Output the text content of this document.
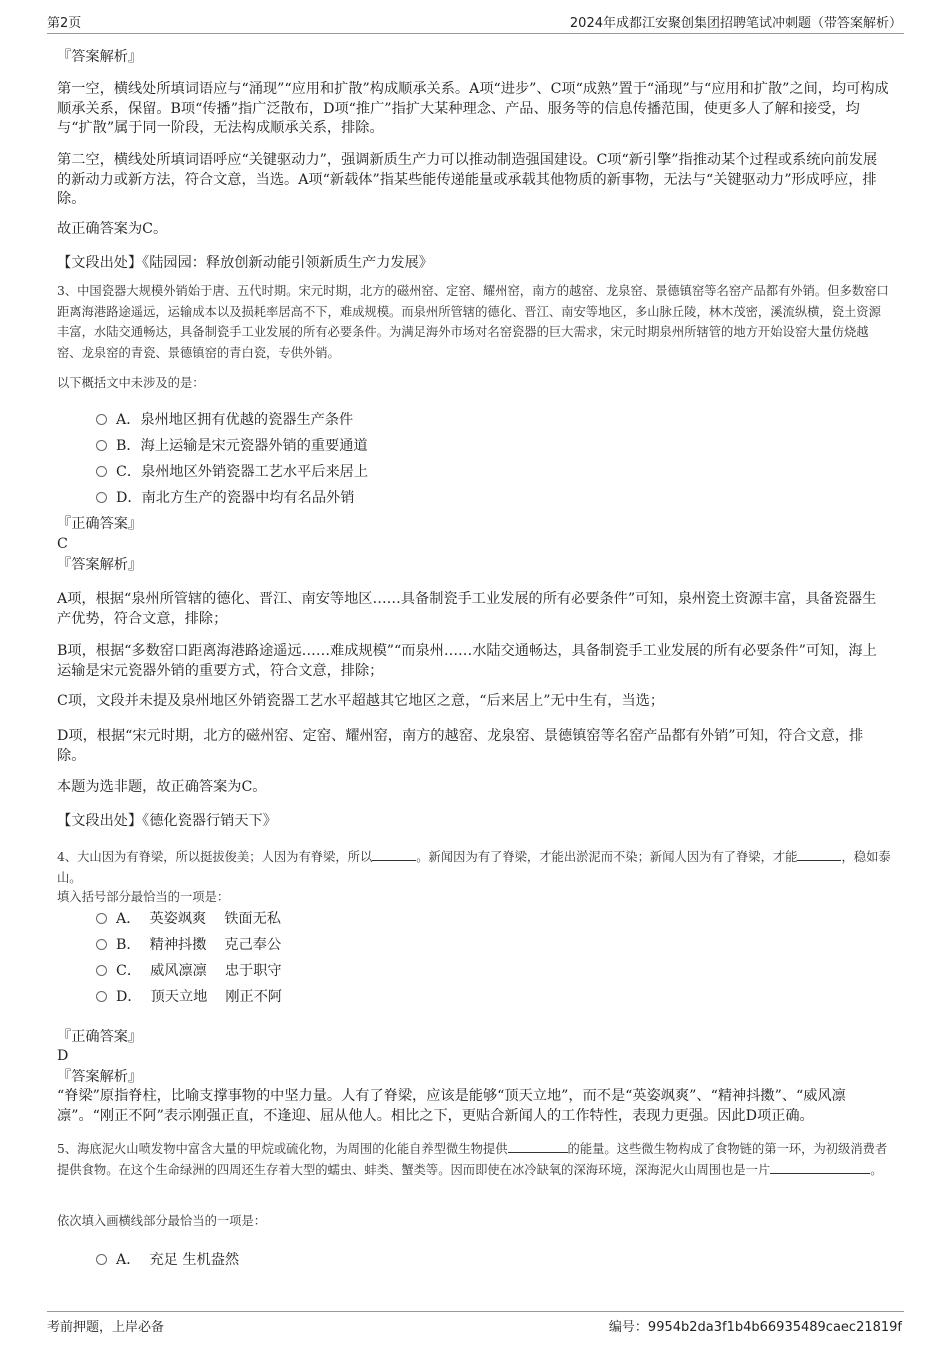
第2页	2024年成都江安聚创集团招聘笔试冲刺题（带答案解析）
『答案解析』
第一空，横线处所填词语应与“涌现”“应用和扩散”构成顺承关系。A项“进步”、C项“成熟”置于“涌现”与“应用和扩散”之间，均可构成顺承关系，保留。B项“传播”指广泛散布，D项“推广”指扩大某种理念、产品、服务等的信息传播范围，使更多人了解和接受，均与“扩散”属于同一阶段，无法构成顺承关系，排除。
第二空，横线处所填词语呼应“关键驱动力”，强调新质生产力可以推动制造强国建设。C项“新引擎”指推动某个过程或系统向前发展的新动力或新方法，符合文意，当选。A项“新载体”指某些能传递能量或承载其他物质的新事物，无法与“关键驱动力”形成呼应，排除。
故正确答案为C。
【文段出处】《陆园园：释放创新动能引领新质生产力发展》
3、中国瓷器大规模外销始于唐、五代时期。宋元时期，北方的磁州窑、定窑、耀州窑，南方的越窑、龙泉窑、景德镇窑等名窑产品都有外销。但多数窑口距离海港路途遥远，运输成本以及损耗率居高不下，难成规模。而泉州所管辖的德化、晋江、南安等地区，多山脉丘陵，林木茂密，溪流纵横，瓷土资源丰富，水陆交通畅达，具备制瓷手工业发展的所有必要条件。为满足海外市场对名窑瓷器的巨大需求，宋元时期泉州所辖管的地方开始设窑大量仿烧越窑、龙泉窑的青瓷、景德镇窑的青白瓷，专供外销。
以下概括文中未涉及的是：
A．泉州地区拥有优越的瓷器生产条件
B．海上运输是宋元瓷器外销的重要通道
C．泉州地区外销瓷器工艺水平后来居上
D．南北方生产的瓷器中均有名品外销
『正确答案』
C
『答案解析』
A项，根据“泉州所管辖的德化、晋江、南安等地区……具备制瓷手工业发展的所有必要条件”可知，泉州瓷土资源丰富，具备瓷器生产优势，符合文意，排除；
B项，根据“多数窑口距离海港路途遥远……难成规模”“而泉州……水陆交通畅达，具备制瓷手工业发展的所有必要条件”可知，海上运输是宋元瓷器外销的重要方式，符合文意，排除；
C项，文段并未提及泉州地区外销瓷器工艺水平超越其它地区之意，“后来居上”无中生有，当选；
D项，根据“宋元时期，北方的磁州窑、定窑、耀州窑，南方的越窑、龙泉窑、景德镇窑等名窑产品都有外销”可知，符合文意，排除。
本题为选非题，故正确答案为C。
【文段出处】《德化瓷器行销天下》
4、大山因为有脊梁，所以挺拔俊美；人因为有脊梁，所以	。新闻因为有了脊梁，才能出淤泥而不染；新闻人因为有了脊梁，才能	，稳如泰山。
填入括号部分最恰当的一项是：
A．  英姿飒爽    铁面无私
B．  精神抖擞    克己奉公
C．  威风凛凛    忠于职守
D．  顶天立地    刚正不阿
『正确答案』
D
『答案解析』
“脊梁”原指脊柱，比喻支撑事物的中坚力量。人有了脊梁，应该是能够“顶天立地”，而不是“英姿飒爽”、“精神抖擞”、“威风凛凛”。“刚正不阿”表示刚强正直，不逢迎、屈从他人。相比之下，更贴合新闻人的工作特性，表现力更强。因此D项正确。
5、海底泥火山喷发物中富含大量的甲烷或硫化物，为周围的化能自养型微生物提供	的能量。这些微生物构成了食物链的第一环，为初级消费者提供食物。在这个生命绿洲的四周还生存着大型的蠕虫、蚌类、蟹类等。因而即使在冰冷缺氧的深海环境，深海泥火山周围也是一片	。
依次填入画横线部分最恰当的一项是：
A．  充足 生机盎然
考前押题，上岸必备	编号：9954b2da3f1b4b66935489caec21819f
